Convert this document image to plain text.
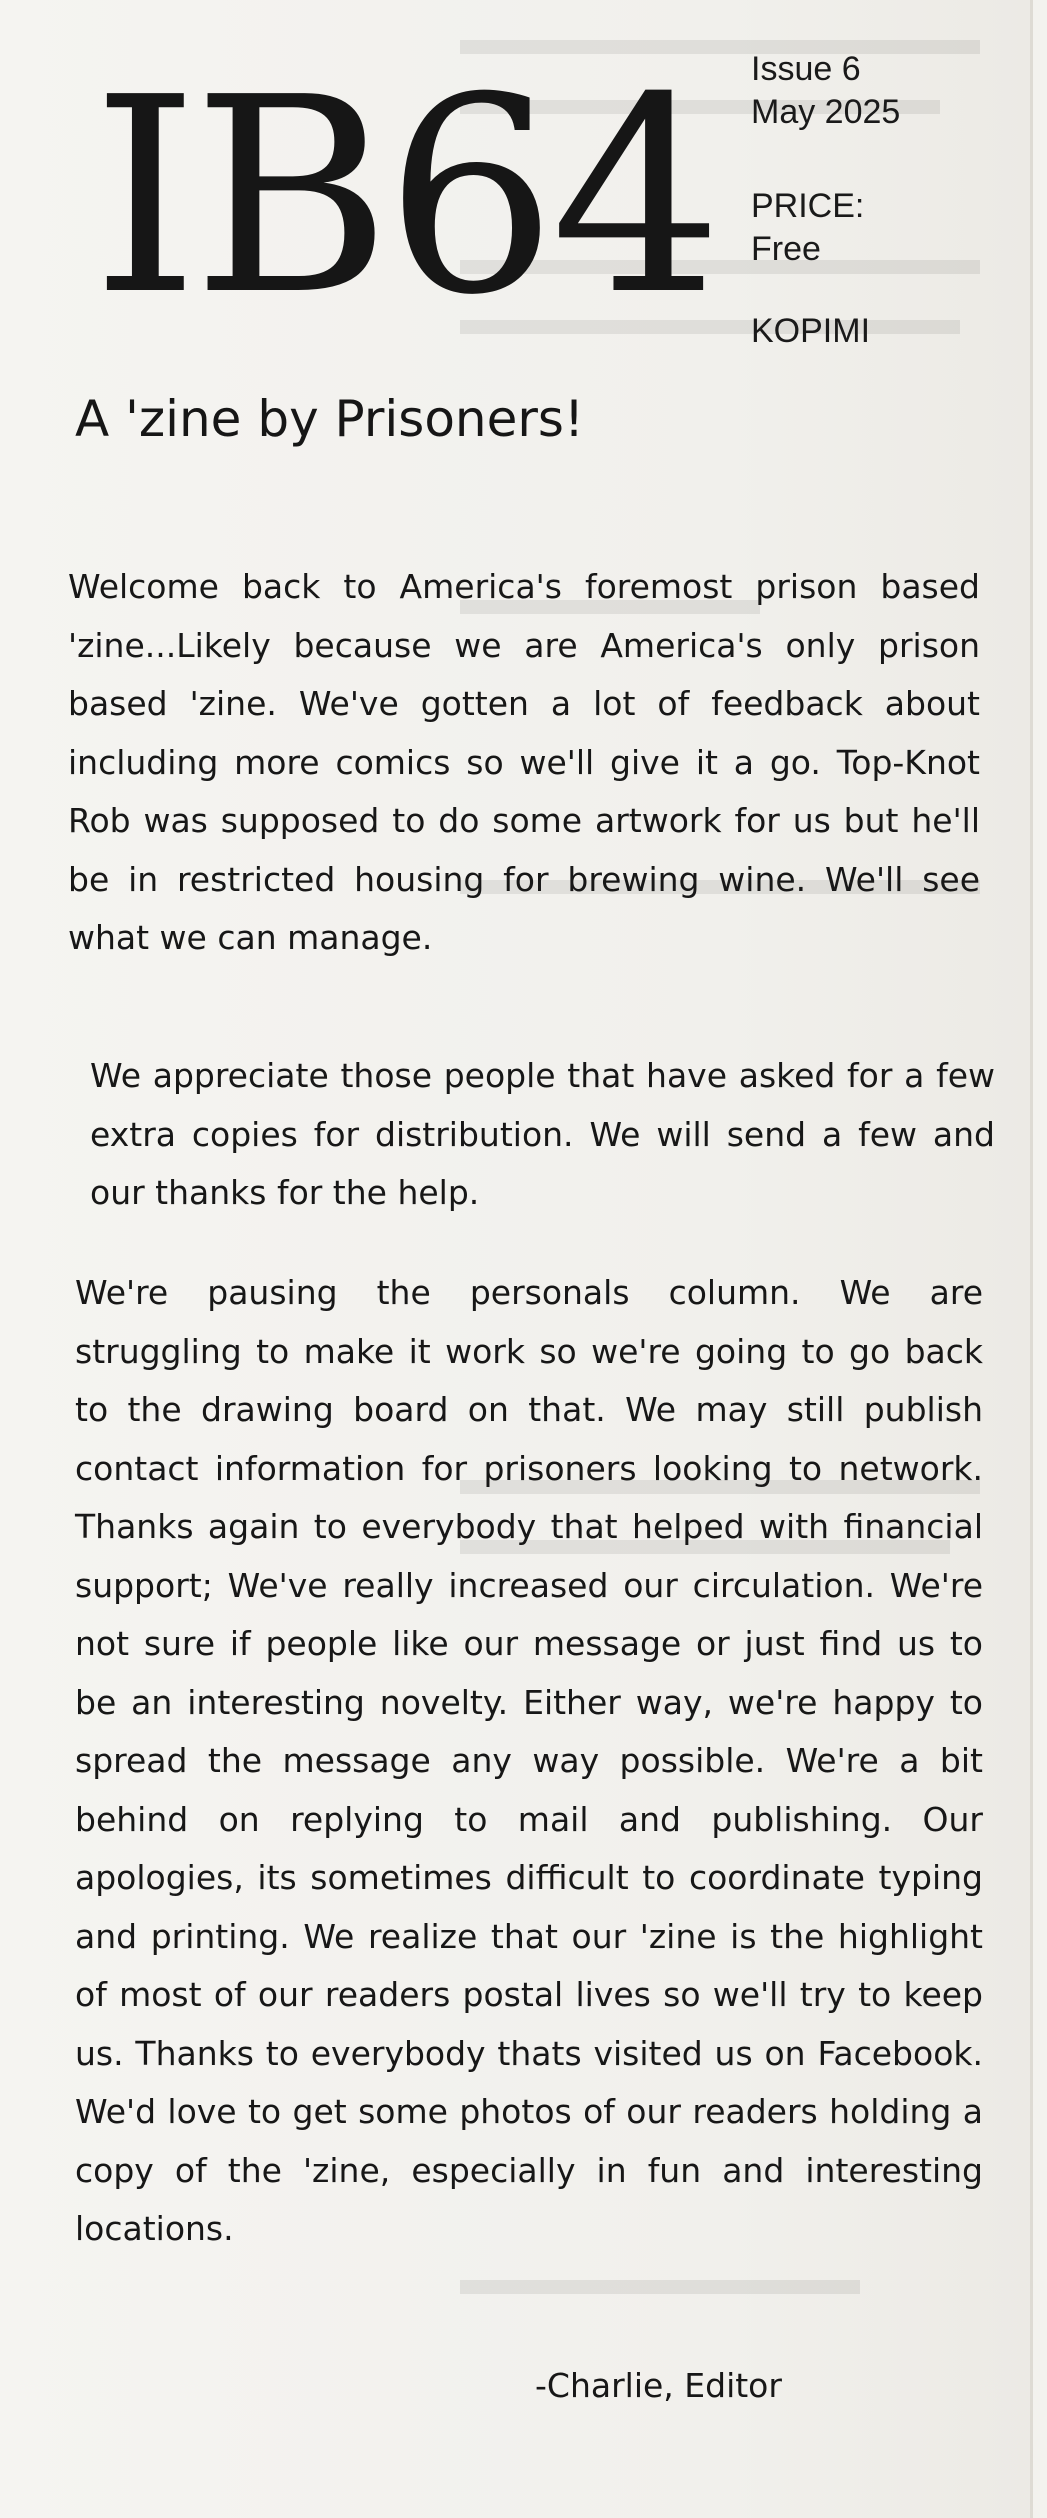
IB64 Issue 6
May 2025
PRICE:
Free
KOPIMI
A 'zine by Prisoners!

Welcome back to America's foremost prison based 'zine...Likely because we are America's only prison based 'zine. We've gotten a lot of feedback about including more comics so we'll give it a go. Top-Knot Rob was supposed to do some artwork for us but he'll be in restricted housing for brewing wine. We'll see what we can manage.

We appreciate those people that have asked for a few extra copies for distribution. We will send a few and our thanks for the help.

We're pausing the personals column. We are struggling to make it work so we're going to go back to the drawing board on that. We may still publish contact information for prisoners looking to network. Thanks again to everybody that helped with financial support; We've really increased our circulation. We're not sure if people like our message or just find us to be an interesting novelty. Either way, we're happy to spread the message any way possible. We're a bit behind on replying to mail and publishing. Our apologies, its sometimes difficult to coordinate typing and printing. We realize that our 'zine is the highlight of most of our readers postal lives so we'll try to keep us. Thanks to everybody thats visited us on Facebook. We'd love to get some photos of our readers holding a copy of the 'zine, especially in fun and interesting locations.

-Charlie, Editor
